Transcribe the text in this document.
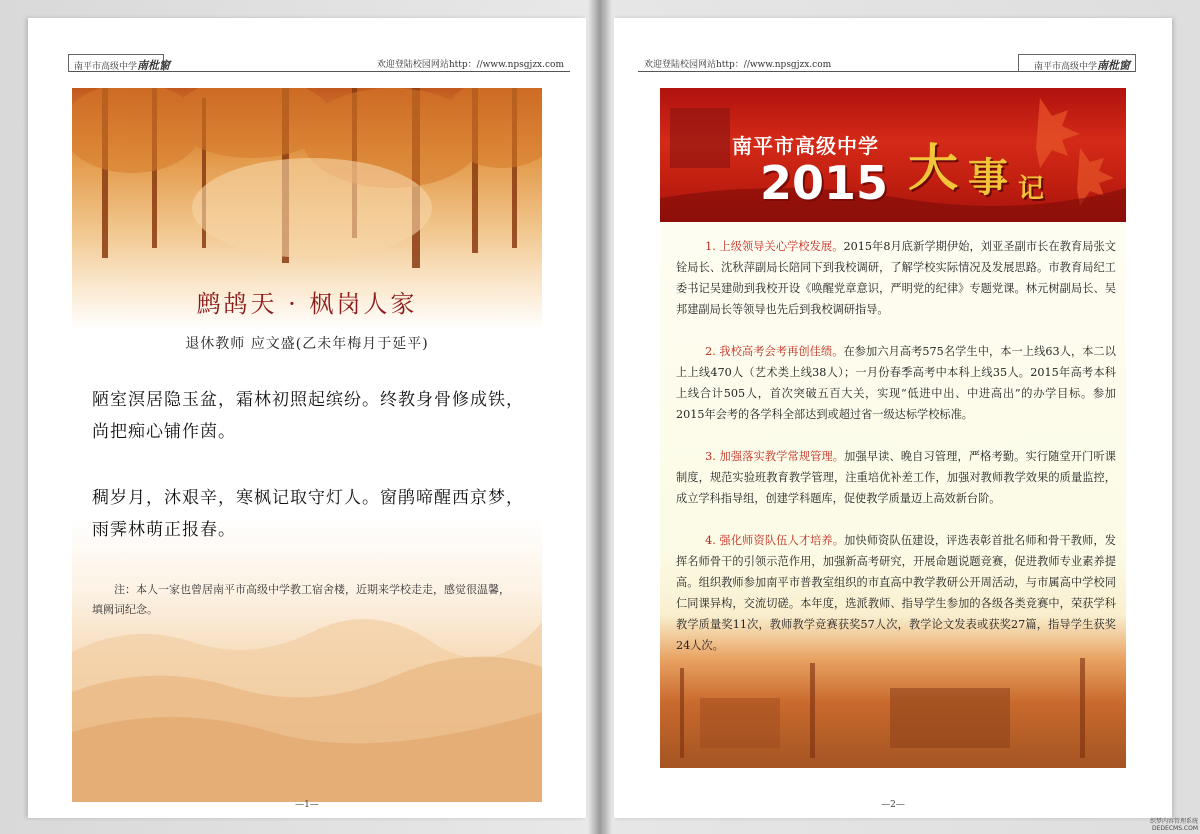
南平市高级中学南枇窗	欢迎登陆校园网站http：//www.npsgjzx.com
鹧鸪天 · 枫岗人家
退休教师 应文盛(乙未年梅月于延平)
陋室溟居隐玉盆，霜林初照起缤纷。终教身骨修成铁，尚把痴心铺作茵。
稠岁月，沐艰辛，寒枫记取守灯人。窗鹃啼醒西京梦，雨霁林萌正报春。
注：本人一家也曾居南平市高级中学教工宿舍楼，近期来学校走走，感觉很温馨，填阙词纪念。
—1—
欢迎登陆校园网站http：//www.npsgjzx.com	南平市高级中学南枇窗
南平市高级中学
2015 大 事 记
1. 上级领导关心学校发展。2015年8月底新学期伊始，刘亚圣副市长在教育局张文铨局长、沈秋萍副局长陪同下到我校调研，了解学校实际情况及发展思路。市教育局纪工委书记吴建勋到我校开设《唤醒党章意识，严明党的纪律》专题党课。林元树副局长、吴邦建副局长等领导也先后到我校调研指导。
2. 我校高考会考再创佳绩。在参加六月高考575名学生中，本一上线63人，本二以上上线470人（艺术类上线38人）；一月份春季高考中本科上线35人。2015年高考本科上线合计505人，首次突破五百大关，实现“低进中出、中进高出”的办学目标。参加2015年会考的各学科全部达到或超过省一级达标学校标准。
3. 加强落实教学常规管理。加强早读、晚自习管理，严格考勤。实行随堂开门听课制度，规范实验班教育教学管理，注重培优补差工作，加强对教师教学效果的质量监控，成立学科指导组，创建学科题库，促使教学质量迈上高效新台阶。
4. 强化师资队伍人才培养。加快师资队伍建设，评选表彰首批名师和骨干教师，发挥名师骨干的引领示范作用，加强新高考研究，开展命题说题竞赛，促进教师专业素养提高。组织教师参加南平市普教室组织的市直高中教学教研公开周活动，与市属高中学校同仁同课异构，交流切磋。本年度，选派教师、指导学生参加的各级各类竞赛中，荣获学科教学质量奖11次，教师教学竞赛获奖57人次，教学论文发表或获奖27篇，指导学生获奖24人次。
—2—
织梦内容管理系统
DEDECMS.COM
